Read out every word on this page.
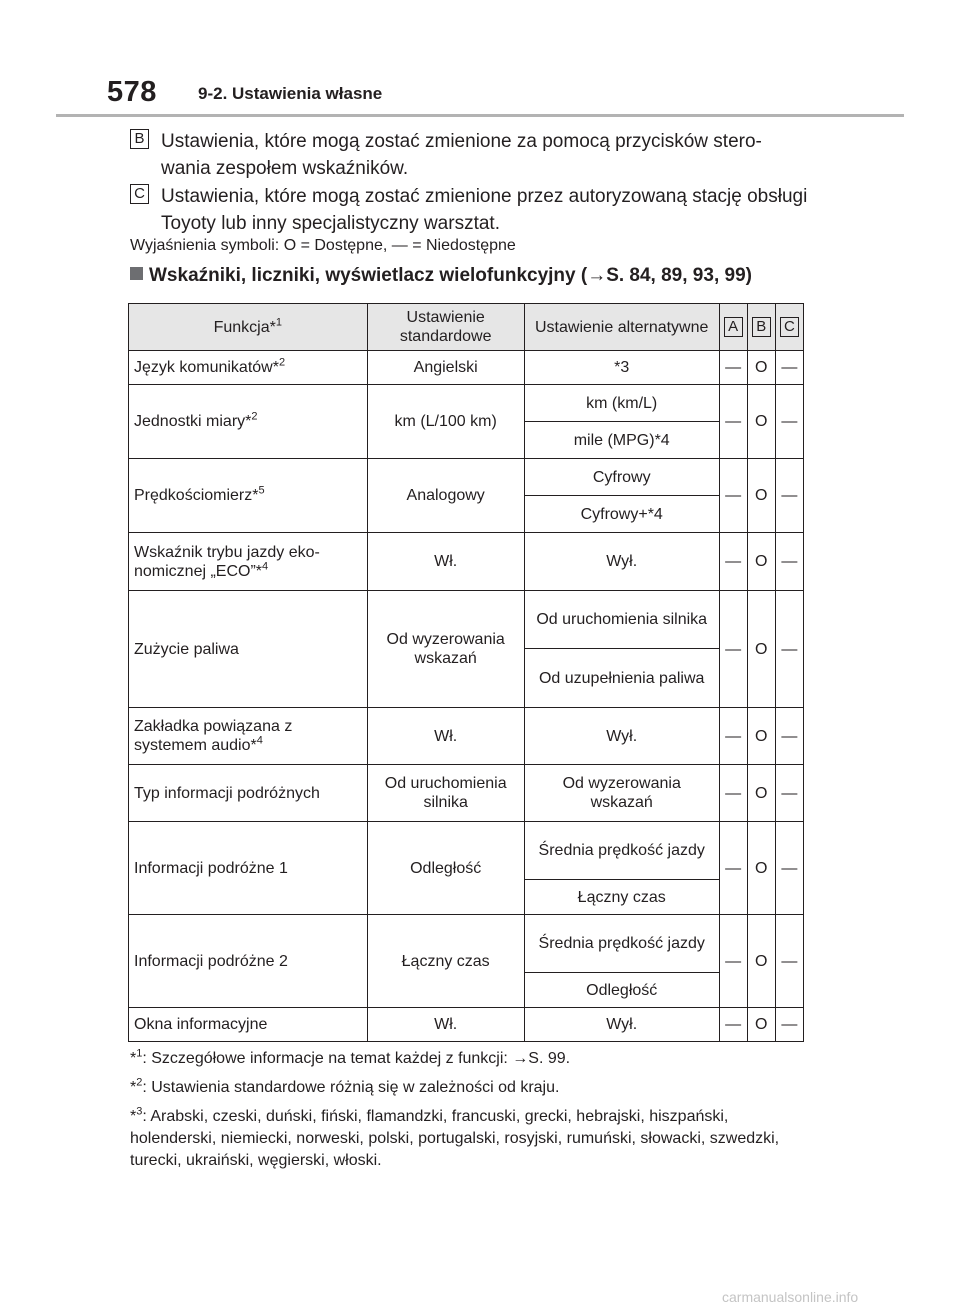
578 9-2. Ustawienia własne
B Ustawienia, które mogą zostać zmienione za pomocą przycisków stero-wania zespołem wskaźników.
C Ustawienia, które mogą zostać zmienione przez autoryzowaną stację obsługi Toyoty lub inny specjalistyczny warsztat.
Wyjaśnienia symboli: O = Dostępne, — = Niedostępne
Wskaźniki, liczniki, wyświetlacz wielofunkcyjny (→S. 84, 89, 93, 99)
Funkcja*$^1$	Ustawienie standardowe	Ustawienie alternatywne	A	B	C
Język komunikatów*$^2$	Angielski	*3	—	O	—
Jednostki miary*$^2$	km (L/100 km)	km (km/L)	—	O	—
		mile (MPG)*4			
Prędkościomierz*$^5$	Analogowy	Cyfrowy	—	O	—
		Cyfrowy+*4			
Wskaźnik trybu jazdy eko-nomicznej „ECO”*$^4$	Wł.	Wył.	—	O	—
Zużycie paliwa	Od wyzerowania wskazań	Od uruchomienia silnika	—	O	—
		Od uzupełnienia paliwa			
Zakładka powiązana z systemem audio*$^4$	Wł.	Wył.	—	O	—
Typ informacji podróżnych	Od uruchomienia silnika	Od wyzerowania wskazań	—	O	—
Informacji podróżne 1	Odległość	Średnia prędkość jazdy	—	O	—
		Łączny czas			
Informacji podróżne 2	Łączny czas	Średnia prędkość jazdy	—	O	—
		Odległość			
Okna informacyjne	Wł.	Wył.	—	O	—
*$^1$: Szczegółowe informacje na temat każdej z funkcji: →S. 99.
*$^2$: Ustawienia standardowe różnią się w zależności od kraju.
*$^3$: Arabski, czeski, duński, fiński, flamandzki, francuski, grecki, hebrajski, hiszpański, holenderski, niemiecki, norweski, polski, portugalski, rosyjski, rumuński, słowacki, szwedzki, turecki, ukraiński, węgierski, włoski.
carmanualsonline.info
